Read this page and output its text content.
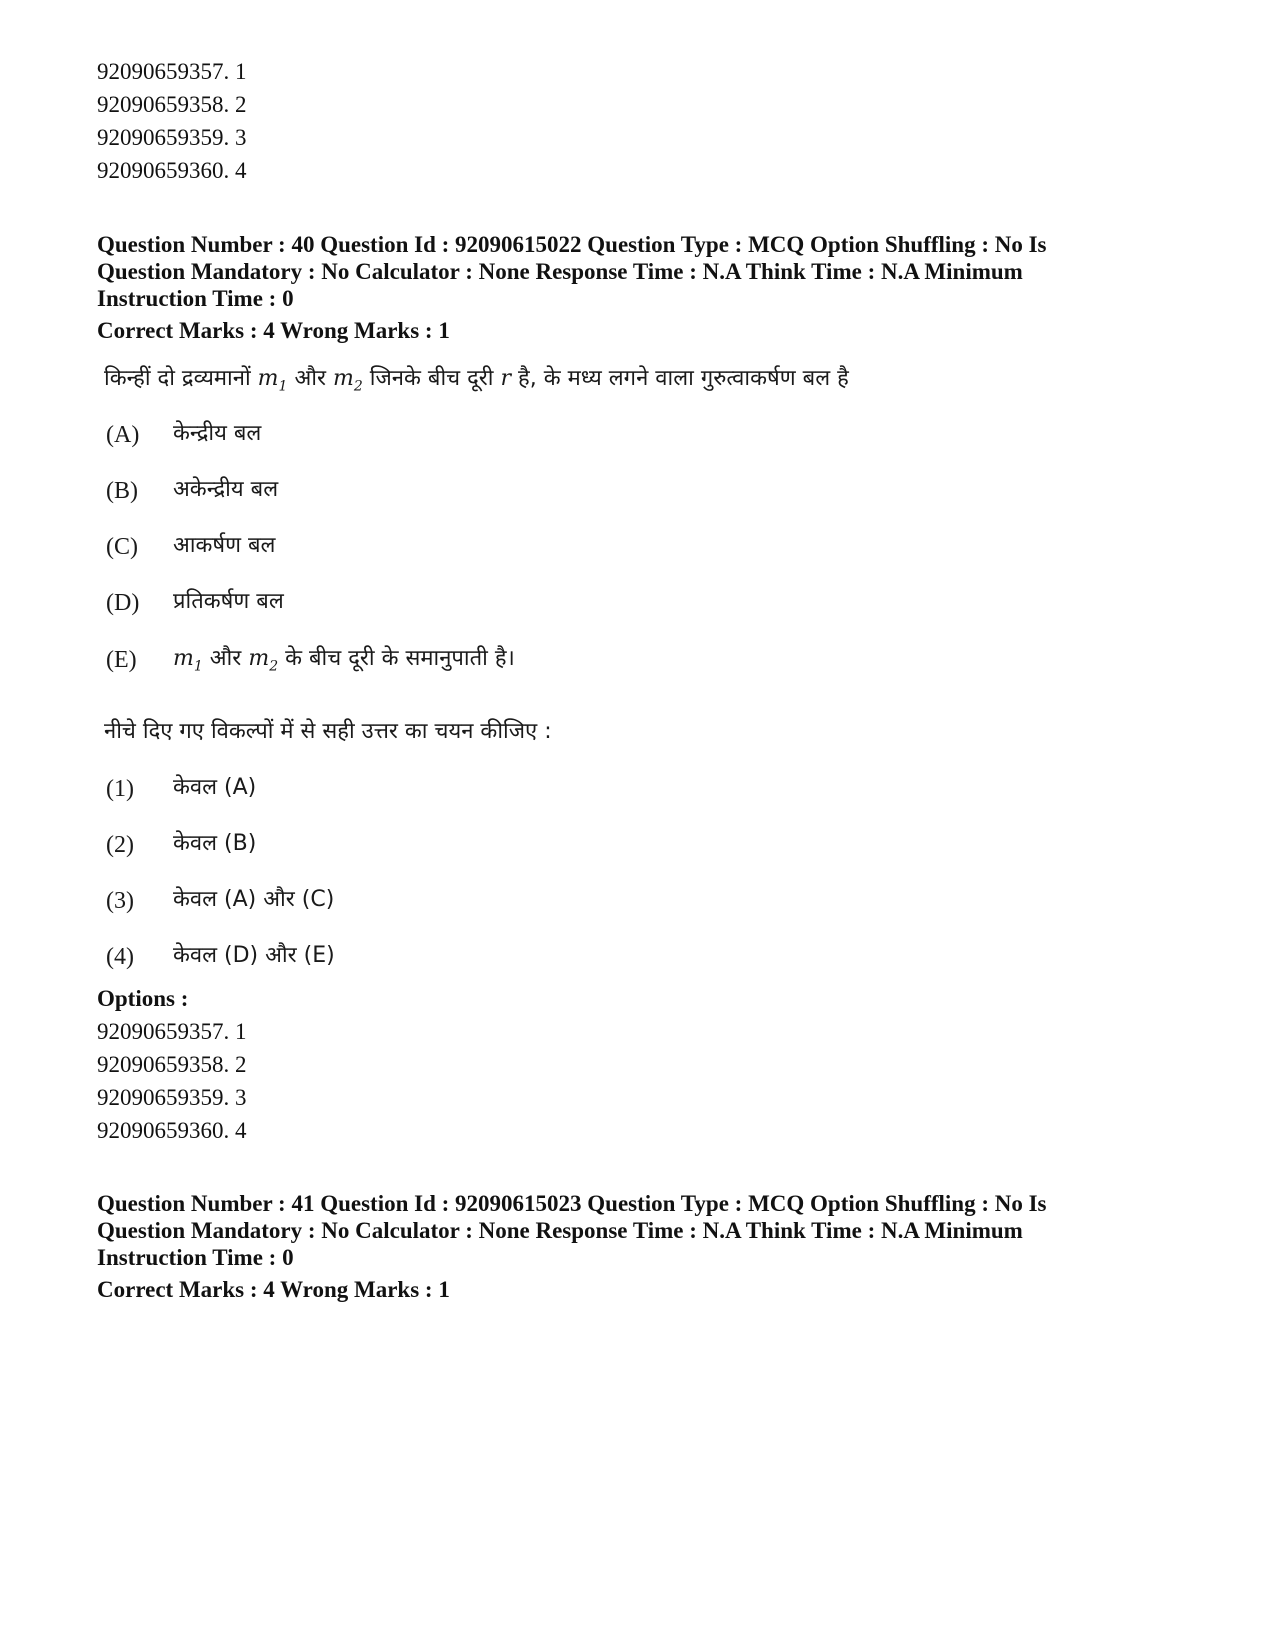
92090659357. 1
92090659358. 2
92090659359. 3
92090659360. 4
Question Number : 40 Question Id : 92090615022 Question Type : MCQ Option Shuffling : No Is
Question Mandatory : No Calculator : None Response Time : N.A Think Time : N.A Minimum
Instruction Time : 0
Correct Marks : 4 Wrong Marks : 1
किन्हीं दो द्रव्यमानों $m_1$ और $m_2$ जिनके बीच दूरी r है, के मध्य लगने वाला गुरुत्वाकर्षण बल है
(A) केन्द्रीय बल
(B) अकेन्द्रीय बल
(C) आकर्षण बल
(D) प्रतिकर्षण बल
(E) $m_1$ और $m_2$ के बीच दूरी के समानुपाती है।
नीचे दिए गए विकल्पों में से सही उत्तर का चयन कीजिए :
(1) केवल (A)
(2) केवल (B)
(3) केवल (A) और (C)
(4) केवल (D) और (E)
Options :
92090659357. 1
92090659358. 2
92090659359. 3
92090659360. 4
Question Number : 41 Question Id : 92090615023 Question Type : MCQ Option Shuffling : No Is
Question Mandatory : No Calculator : None Response Time : N.A Think Time : N.A Minimum
Instruction Time : 0
Correct Marks : 4 Wrong Marks : 1
